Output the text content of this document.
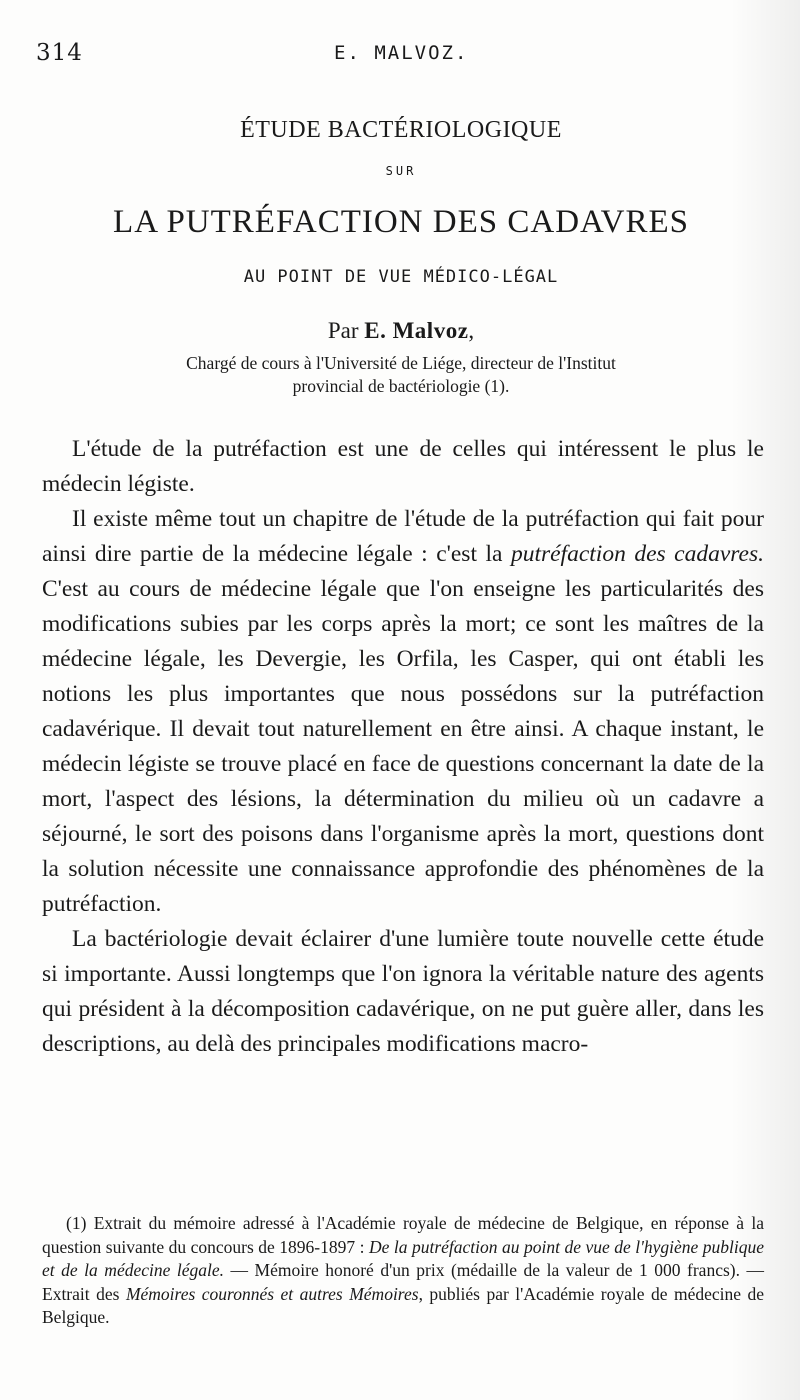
314	E. MALVOZ.
ÉTUDE BACTÉRIOLOGIQUE
SUR
LA PUTRÉFACTION DES CADAVRES
AU POINT DE VUE MÉDICO-LÉGAL
Par E. Malvoz,
Chargé de cours à l'Université de Liége, directeur de l'Institut
provincial de bactériologie (1).

L'étude de la putréfaction est une de celles qui intéressent le plus le médecin légiste.

Il existe même tout un chapitre de l'étude de la putréfaction qui fait pour ainsi dire partie de la médecine légale : c'est la putréfaction des cadavres. C'est au cours de médecine légale que l'on enseigne les particularités des modifications subies par les corps après la mort; ce sont les maîtres de la médecine légale, les Devergie, les Orfila, les Casper, qui ont établi les notions les plus importantes que nous possédons sur la putréfaction cadavérique. Il devait tout naturellement en être ainsi. A chaque instant, le médecin légiste se trouve placé en face de questions concernant la date de la mort, l'aspect des lésions, la détermination du milieu où un cadavre a séjourné, le sort des poisons dans l'organisme après la mort, questions dont la solution nécessite une connaissance approfondie des phénomènes de la putréfaction.

La bactériologie devait éclairer d'une lumière toute nouvelle cette étude si importante. Aussi longtemps que l'on ignora la véritable nature des agents qui président à la décomposition cadavérique, on ne put guère aller, dans les descriptions, au delà des principales modifications macro-

(1) Extrait du mémoire adressé à l'Académie royale de médecine de Belgique, en réponse à la question suivante du concours de 1896-1897 : De la putréfaction au point de vue de l'hygiène publique et de la médecine légale. — Mémoire honoré d'un prix (médaille de la valeur de 1 000 francs). — Extrait des Mémoires couronnés et autres Mémoires, publiés par l'Académie royale de médecine de Belgique.
